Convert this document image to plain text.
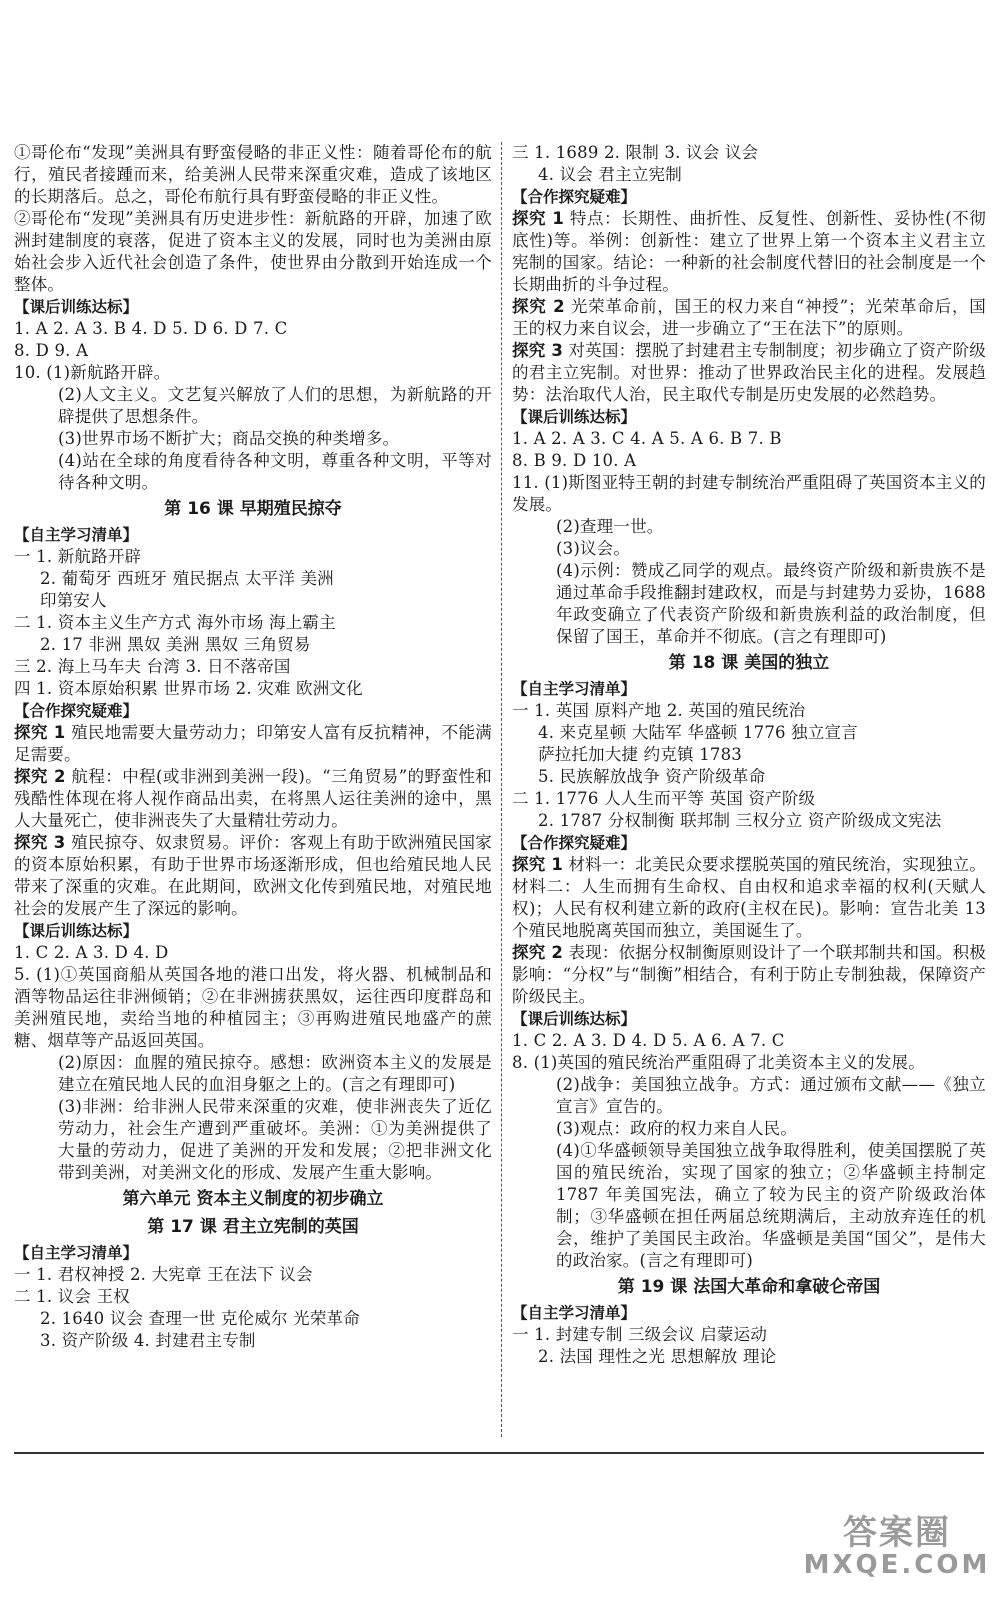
①哥伦布“发现”美洲具有野蛮侵略的非正义性：随着哥伦布的航行，殖民者接踵而来，给美洲人民带来深重灾难，造成了该地区的长期落后。总之，哥伦布航行具有野蛮侵略的非正义性。
②哥伦布“发现”美洲具有历史进步性：新航路的开辟，加速了欧洲封建制度的衰落，促进了资本主义的发展，同时也为美洲由原始社会步入近代社会创造了条件，使世界由分散到开始连成一个整体。
【课后训练达标】
1. A 2. A 3. B 4. D 5. D 6. D 7. C
8. D 9. A
10. (1)新航路开辟。
(2)人文主义。文艺复兴解放了人们的思想，为新航路的开辟提供了思想条件。
(3)世界市场不断扩大；商品交换的种类增多。
(4)站在全球的角度看待各种文明，尊重各种文明，平等对待各种文明。
第 16 课 早期殖民掠夺
【自主学习清单】
一 1. 新航路开辟
2. 葡萄牙 西班牙 殖民据点 太平洋 美洲
印第安人
二 1. 资本主义生产方式 海外市场 海上霸主
2. 17 非洲 黑奴 美洲 黑奴 三角贸易
三 2. 海上马车夫 台湾 3. 日不落帝国
四 1. 资本原始积累 世界市场 2. 灾难 欧洲文化
【合作探究疑难】
探究 1 殖民地需要大量劳动力；印第安人富有反抗精神，不能满足需要。
探究 2 航程：中程(或非洲到美洲一段)。“三角贸易”的野蛮性和残酷性体现在将人视作商品出卖，在将黑人运往美洲的途中，黑人大量死亡，使非洲丧失了大量精壮劳动力。
探究 3 殖民掠夺、奴隶贸易。评价：客观上有助于欧洲殖民国家的资本原始积累，有助于世界市场逐渐形成，但也给殖民地人民带来了深重的灾难。在此期间，欧洲文化传到殖民地，对殖民地社会的发展产生了深远的影响。
【课后训练达标】
1. C 2. A 3. D 4. D
5. (1)①英国商船从英国各地的港口出发，将火器、机械制品和酒等物品运往非洲倾销；②在非洲掳获黑奴，运往西印度群岛和美洲殖民地，卖给当地的种植园主；③再购进殖民地盛产的蔗糖、烟草等产品返回英国。
(2)原因：血腥的殖民掠夺。感想：欧洲资本主义的发展是建立在殖民地人民的血泪身躯之上的。(言之有理即可)
(3)非洲：给非洲人民带来深重的灾难，使非洲丧失了近亿劳动力，社会生产遭到严重破坏。美洲：①为美洲提供了大量的劳动力，促进了美洲的开发和发展；②把非洲文化带到美洲，对美洲文化的形成、发展产生重大影响。
第六单元 资本主义制度的初步确立
第 17 课 君主立宪制的英国
【自主学习清单】
一 1. 君权神授 2. 大宪章 王在法下 议会
二 1. 议会 王权
2. 1640 议会 查理一世 克伦威尔 光荣革命
3. 资产阶级 4. 封建君主专制
三 1. 1689 2. 限制 3. 议会 议会
4. 议会 君主立宪制
【合作探究疑难】
探究 1 特点：长期性、曲折性、反复性、创新性、妥协性(不彻底性)等。举例：创新性：建立了世界上第一个资本主义君主立宪制的国家。结论：一种新的社会制度代替旧的社会制度是一个长期曲折的斗争过程。
探究 2 光荣革命前，国王的权力来自“神授”；光荣革命后，国王的权力来自议会，进一步确立了“王在法下”的原则。
探究 3 对英国：摆脱了封建君主专制制度；初步确立了资产阶级的君主立宪制。对世界：推动了世界政治民主化的进程。发展趋势：法治取代人治，民主取代专制是历史发展的必然趋势。
【课后训练达标】
1. A 2. A 3. C 4. A 5. A 6. B 7. B
8. B 9. D 10. A
11. (1)斯图亚特王朝的封建专制统治严重阻碍了英国资本主义的发展。
(2)查理一世。
(3)议会。
(4)示例：赞成乙同学的观点。最终资产阶级和新贵族不是通过革命手段推翻封建政权，而是与封建势力妥协，1688年政变确立了代表资产阶级和新贵族利益的政治制度，但保留了国王，革命并不彻底。(言之有理即可)
第 18 课 美国的独立
【自主学习清单】
一 1. 英国 原料产地 2. 英国的殖民统治
4. 来克星顿 大陆军 华盛顿 1776 独立宣言
萨拉托加大捷 约克镇 1783
5. 民族解放战争 资产阶级革命
二 1. 1776 人人生而平等 英国 资产阶级
2. 1787 分权制衡 联邦制 三权分立 资产阶级成文宪法
【合作探究疑难】
探究 1 材料一：北美民众要求摆脱英国的殖民统治，实现独立。材料二：人生而拥有生命权、自由权和追求幸福的权利(天赋人权)；人民有权利建立新的政府(主权在民)。影响：宣告北美 13 个殖民地脱离英国而独立，美国诞生了。
探究 2 表现：依据分权制衡原则设计了一个联邦制共和国。积极影响：“分权”与“制衡”相结合，有利于防止专制独裁，保障资产阶级民主。
【课后训练达标】
1. C 2. A 3. D 4. D 5. A 6. A 7. C
8. (1)英国的殖民统治严重阻碍了北美资本主义的发展。
(2)战争：美国独立战争。方式：通过颁布文献——《独立宣言》宣告的。
(3)观点：政府的权力来自人民。
(4)①华盛顿领导美国独立战争取得胜利，使美国摆脱了英国的殖民统治，实现了国家的独立；②华盛顿主持制定 1787 年美国宪法，确立了较为民主的资产阶级政治体制；③华盛顿在担任两届总统期满后，主动放弃连任的机会，维护了美国民主政治。华盛顿是美国“国父”，是伟大的政治家。(言之有理即可)
第 19 课 法国大革命和拿破仑帝国
【自主学习清单】
一 1. 封建专制 三级会议 启蒙运动
2. 法国 理性之光 思想解放 理论
答案圈
MXQE.COM
